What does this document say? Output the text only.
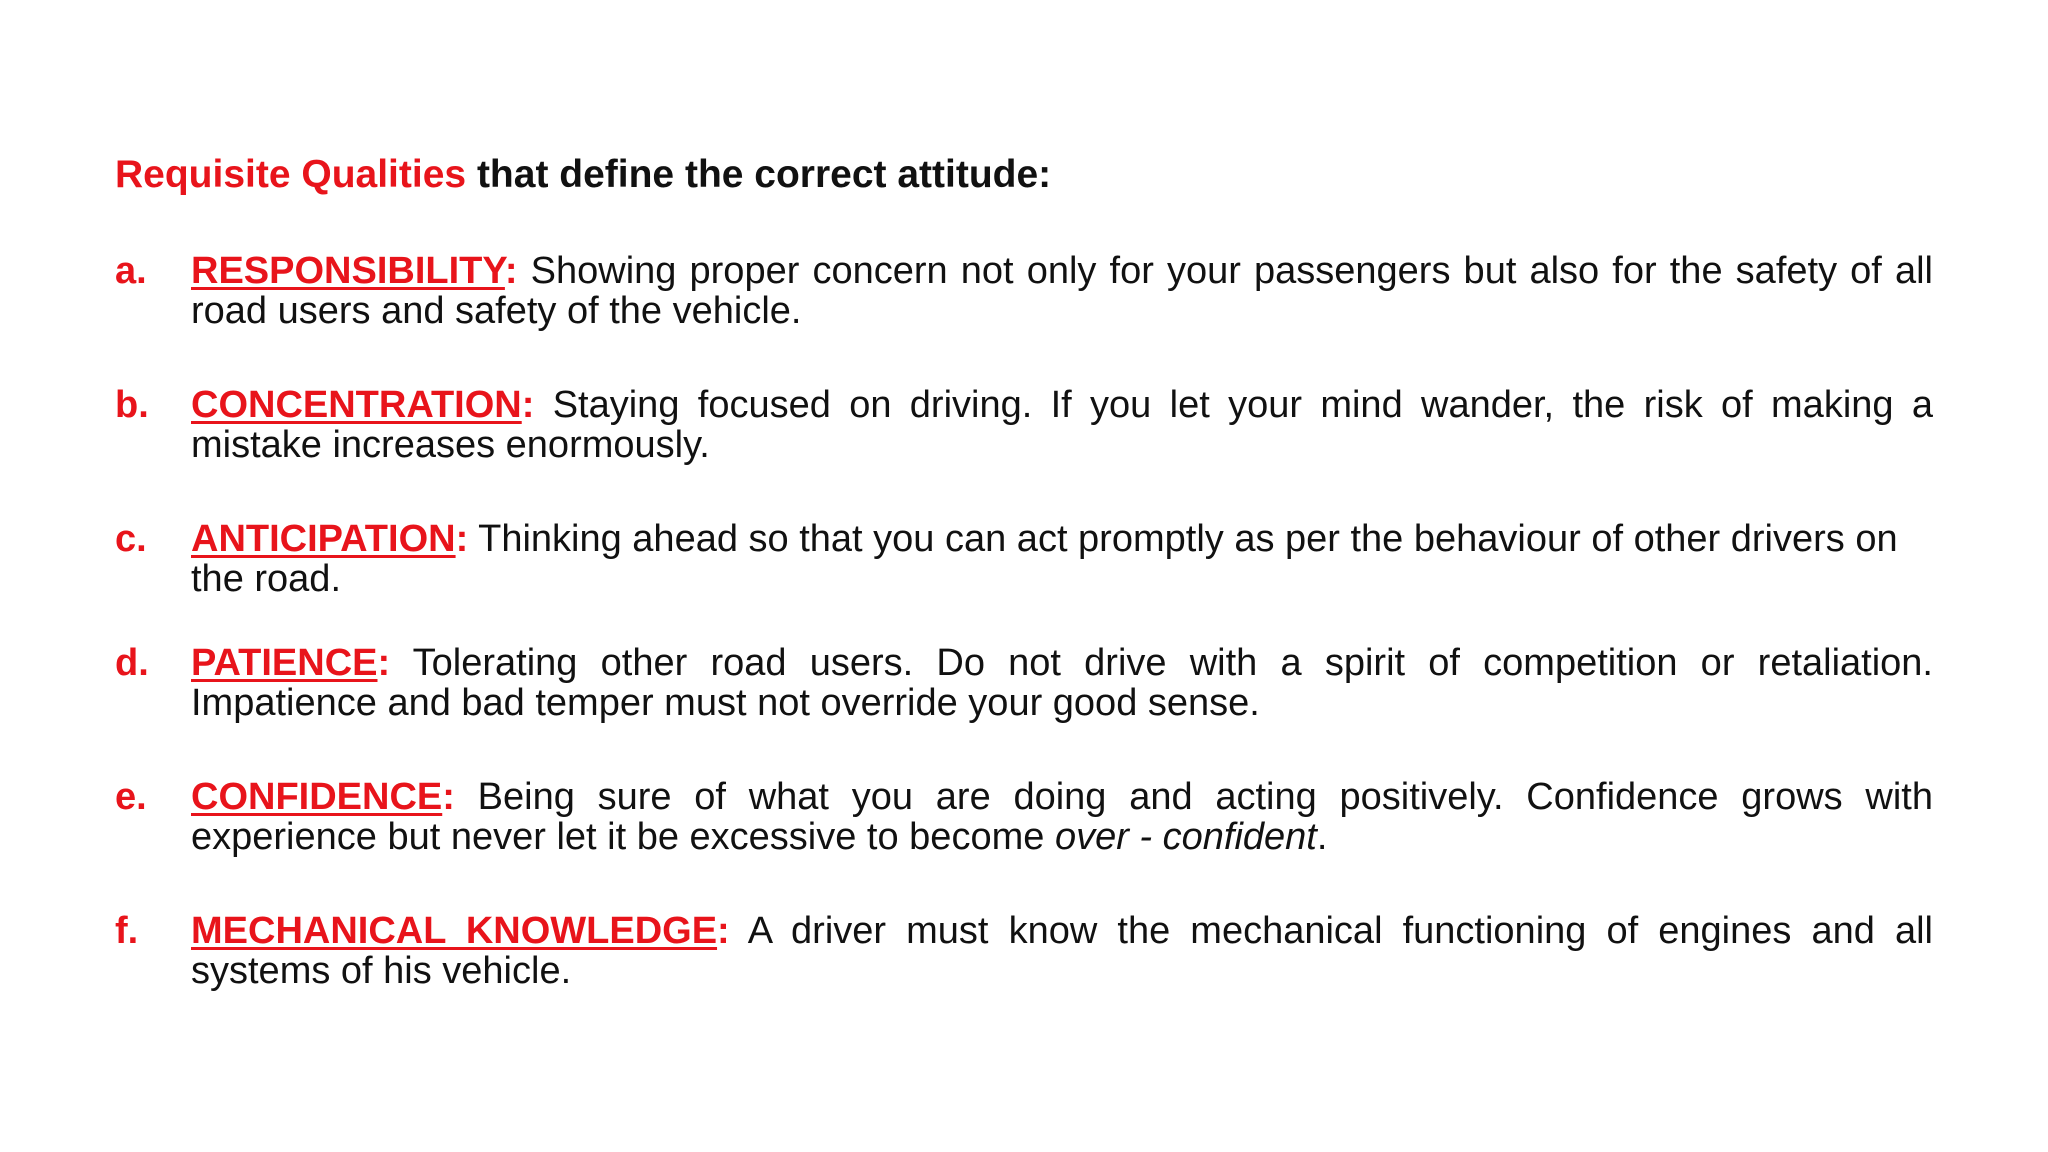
Requisite Qualities that define the correct attitude:
a.	RESPONSIBILITY: Showing proper concern not only for your passengers but also for the safety of all road users and safety of the vehicle.
b.	CONCENTRATION: Staying focused on driving. If you let your mind wander, the risk of making a mistake increases enormously.
c.	ANTICIPATION: Thinking ahead so that you can act promptly as per the behaviour of other drivers on the road.
d.	PATIENCE: Tolerating other road users. Do not drive with a spirit of competition or retaliation. Impatience and bad temper must not override your good sense.
e.	CONFIDENCE: Being sure of what you are doing and acting positively. Confidence grows with experience but never let it be excessive to become over - confident.
f.	MECHANICAL KNOWLEDGE: A driver must know the mechanical functioning of engines and all systems of his vehicle.
